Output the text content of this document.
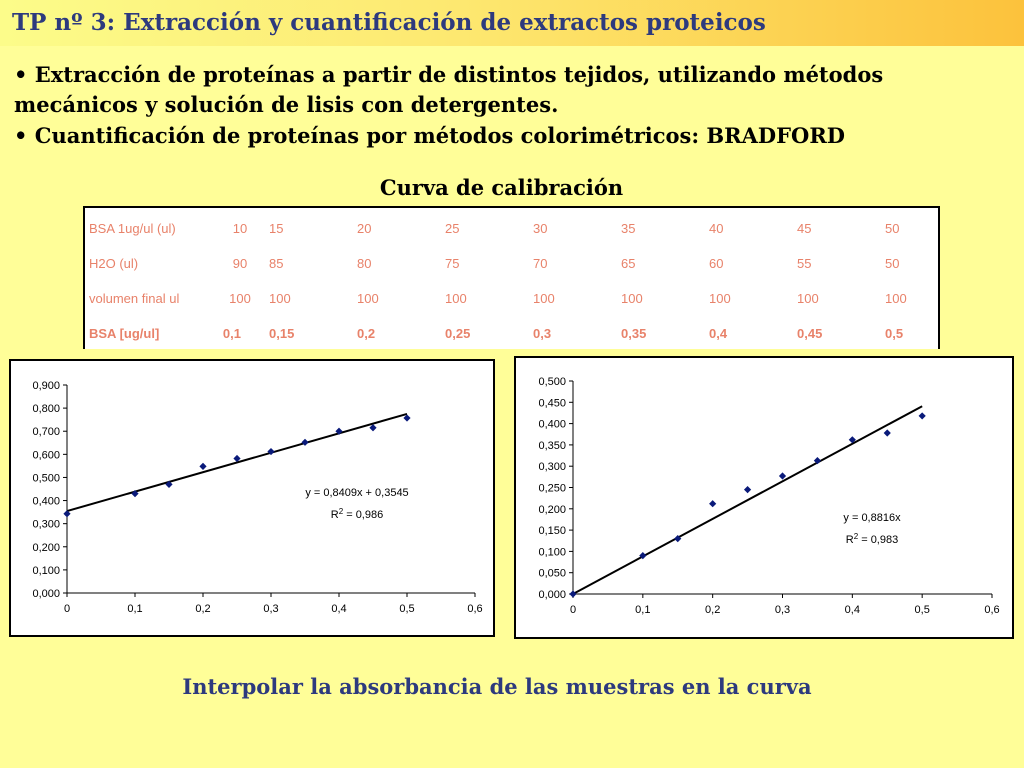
TP nº 3: Extracción y cuantificación de extractos proteicos
• Extracción de proteínas a partir de distintos tejidos, utilizando métodos
mecánicos y solución de lisis con detergentes.
• Cuantificación de proteínas por métodos colorimétricos: BRADFORD
Curva de calibración
BSA 1ug/ul (ul)	10	15	20	25	30	35	40	45	50
H2O (ul)	90	85	80	75	70	65	60	55	50
volumen final ul	100	100	100	100	100	100	100	100	100
BSA [ug/ul]	0,1	0,15	0,2	0,25	0,3	0,35	0,4	0,45	0,5
0,000
0,100
0,200
0,300
0,400
0,500
0,600
0,700
0,800
0,900
0	0,1	0,2	0,3	0,4	0,5	0,6
y = 0,8409x + 0,3545
$R^2 = 0,986$
0,000
0,050
0,100
0,150
0,200
0,250
0,300
0,350
0,400
0,450
0,500
0	0,1	0,2	0,3	0,4	0,5	0,6
y = 0,8816x
$R^2 = 0,983$
Interpolar la absorbancia de las muestras en la curva
